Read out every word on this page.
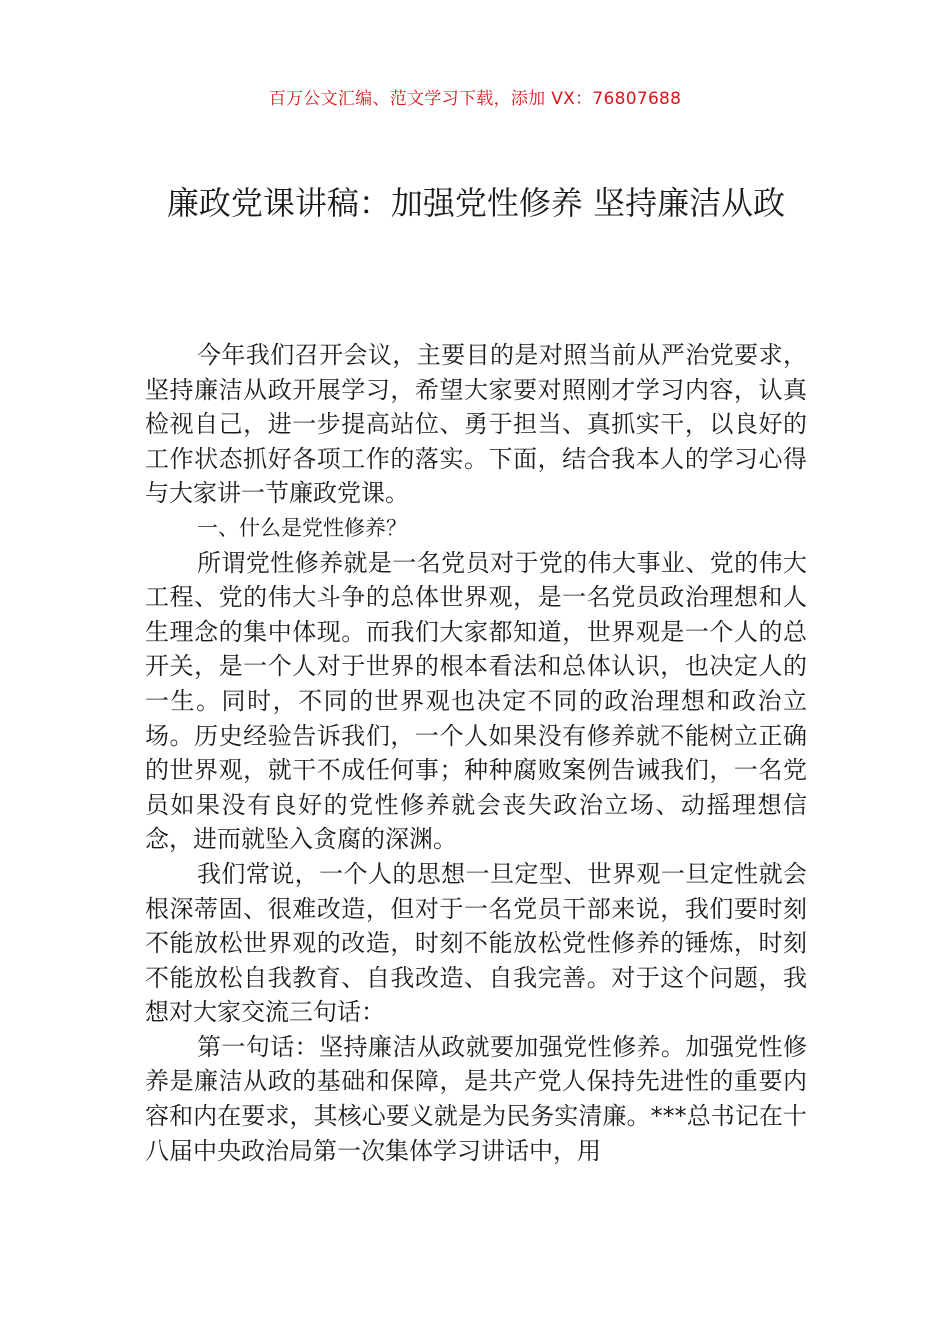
百万公文汇编、范文学习下载，添加 VX：76807688
廉政党课讲稿：加强党性修养 坚持廉洁从政

今年我们召开会议，主要目的是对照当前从严治党要求，坚持廉洁从政开展学习，希望大家要对照刚才学习内容，认真检视自己，进一步提高站位、勇于担当、真抓实干，以良好的工作状态抓好各项工作的落实。下面，结合我本人的学习心得与大家讲一节廉政党课。

一、什么是党性修养？

所谓党性修养就是一名党员对于党的伟大事业、党的伟大工程、党的伟大斗争的总体世界观，是一名党员政治理想和人生理念的集中体现。而我们大家都知道，世界观是一个人的总开关，是一个人对于世界的根本看法和总体认识，也决定人的一生。同时，不同的世界观也决定不同的政治理想和政治立场。历史经验告诉我们，一个人如果没有修养就不能树立正确的世界观，就干不成任何事；种种腐败案例告诫我们，一名党员如果没有良好的党性修养就会丧失政治立场、动摇理想信念，进而就坠入贪腐的深渊。

我们常说，一个人的思想一旦定型、世界观一旦定性就会根深蒂固、很难改造，但对于一名党员干部来说，我们要时刻不能放松世界观的改造，时刻不能放松党性修养的锤炼，时刻不能放松自我教育、自我改造、自我完善。对于这个问题，我想对大家交流三句话：

第一句话：坚持廉洁从政就要加强党性修养。加强党性修养是廉洁从政的基础和保障，是共产党人保持先进性的重要内容和内在要求，其核心要义就是为民务实清廉。***总书记在十八届中央政治局第一次集体学习讲话中，用
